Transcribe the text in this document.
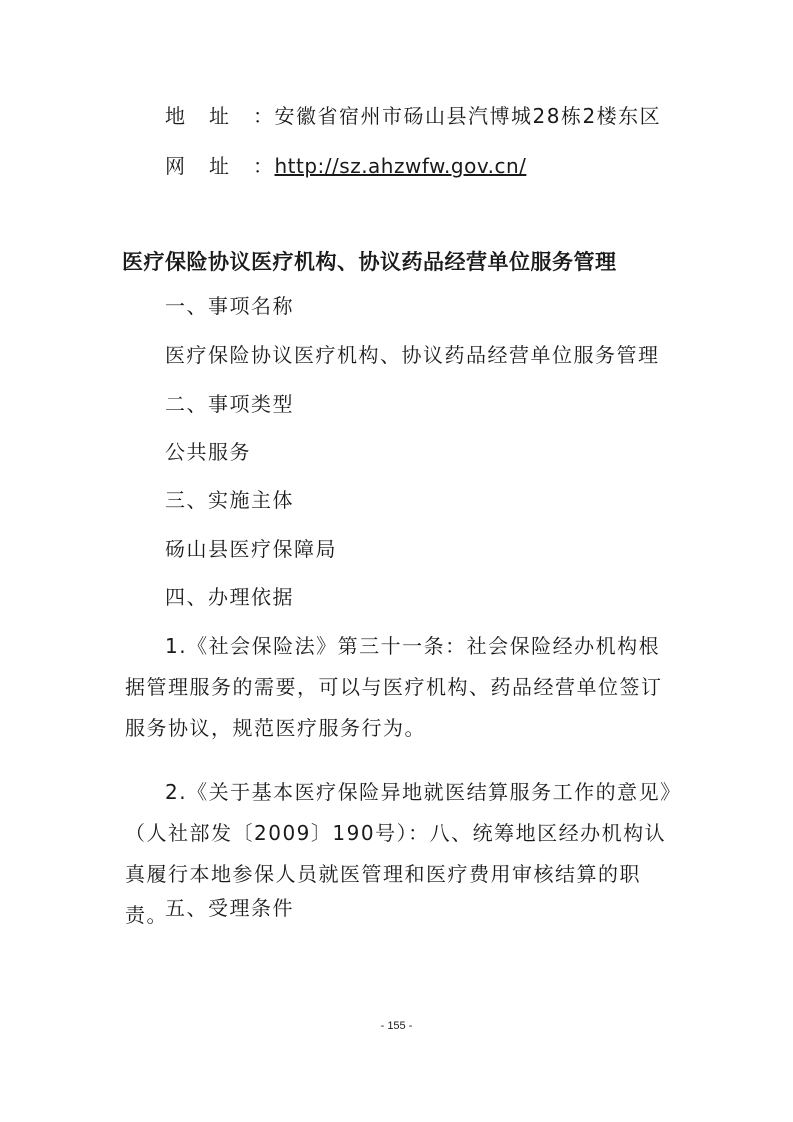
地址：安徽省宿州市砀山县汽博城28栋2楼东区
网址：http://sz.ahzwfw.gov.cn/
医疗保险协议医疗机构、协议药品经营单位服务管理
一、事项名称
医疗保险协议医疗机构、协议药品经营单位服务管理
二、事项类型
公共服务
三、实施主体
砀山县医疗保障局
四、办理依据
1.《社会保险法》第三十一条：社会保险经办机构根据管理服务的需要，可以与医疗机构、药品经营单位签订服务协议，规范医疗服务行为。
2.《关于基本医疗保险异地就医结算服务工作的意见》（人社部发〔2009〕190号）：八、统筹地区经办机构认真履行本地参保人员就医管理和医疗费用审核结算的职责。
五、受理条件
- 155 -
